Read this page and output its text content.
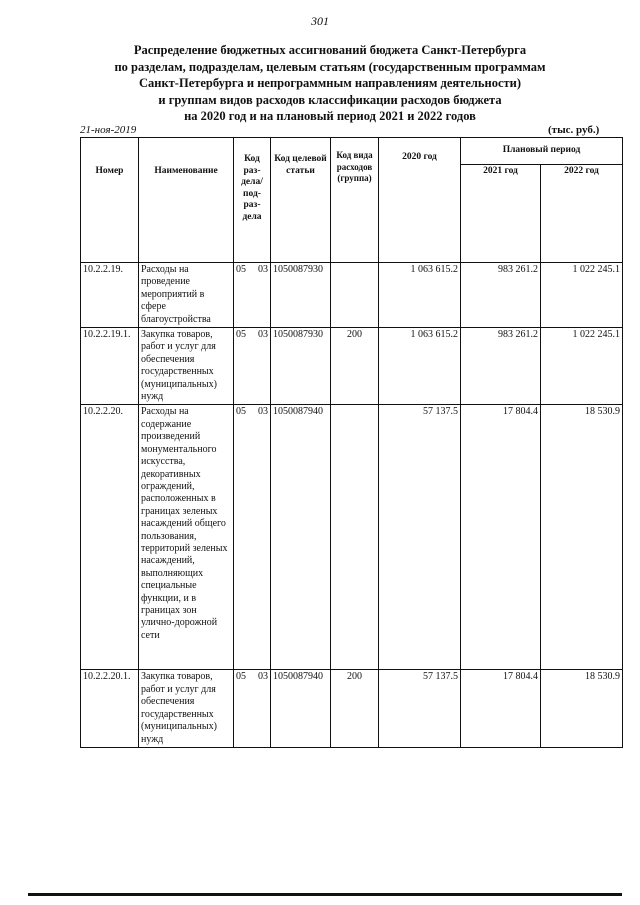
301
Распределение бюджетных ассигнований бюджета Санкт-Петербурга
по разделам, подразделам, целевым статьям (государственным программам
Санкт-Петербурга и непрограммным направлениям деятельности)
и группам видов расходов классификации расходов бюджета
на 2020 год и на плановый период 2021 и 2022 годов
21-ноя-2019	(тыс. руб.)
Номер	Наименование	Код раз-дела/ под-раз-дела	Код целевой статьи	Код вида расходов (группа)	2020 год	Плановый период	
						2021 год	2022 год
10.2.2.19.	Расходы на проведение мероприятий в сфере благоустройства	05 03	1050087930		1 063 615.2	983 261.2	1 022 245.1
10.2.2.19.1.	Закупка товаров, работ и услуг для обеспечения государственных (муниципальных) нужд	05 03	1050087930	200	1 063 615.2	983 261.2	1 022 245.1
10.2.2.20.	Расходы на содержание произведений монументального искусства, декоративных ограждений, расположенных в границах зеленых насаждений общего пользования, территорий зеленых насаждений, выполняющих специальные функции, и в границах зон улично-дорожной сети	05 03	1050087940		57 137.5	17 804.4	18 530.9
10.2.2.20.1.	Закупка товаров, работ и услуг для обеспечения государственных (муниципальных) нужд	05 03	1050087940	200	57 137.5	17 804.4	18 530.9
